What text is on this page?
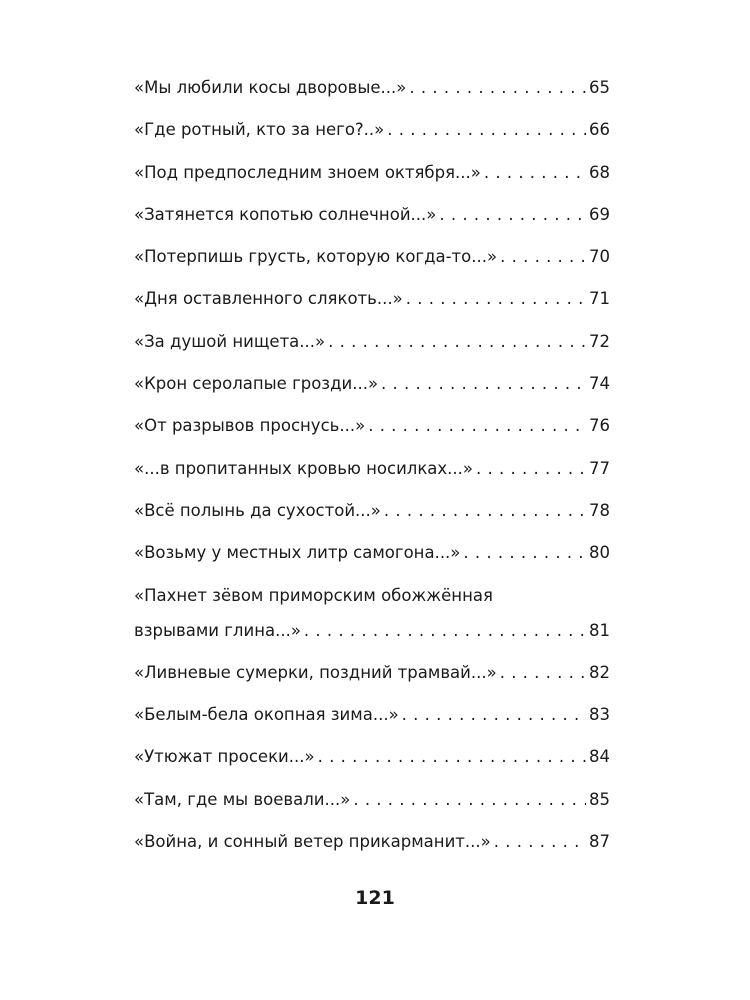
«Мы любили косы дворовые...» . . .	65
«Где ротный, кто за него?..» . . .	66
«Под предпоследним зноем октября...» . . .	68
«Затянется копотью солнечной...» . . .	69
«Потерпишь грусть, которую когда-то...» . . .	70
«Дня оставленного слякоть...» . . .	71
«За душой нищета...» . . .	72
«Крон серолапые грозди...» . . .	74
«От разрывов проснусь...» . . .	76
«...в пропитанных кровью носилках...» . . .	77
«Всё полынь да сухостой...» . . .	78
«Возьму у местных литр самогона...» . . .	80
«Пахнет зёвом приморским обожжённая
взрывами глина...» . . .	81
«Ливневые сумерки, поздний трамвай...» . . .	82
«Белым-бела окопная зима...» . . .	83
«Утюжат просеки...» . . .	84
«Там, где мы воевали...» . . .	85
«Война, и сонный ветер прикарманит...» . . .	87
121
